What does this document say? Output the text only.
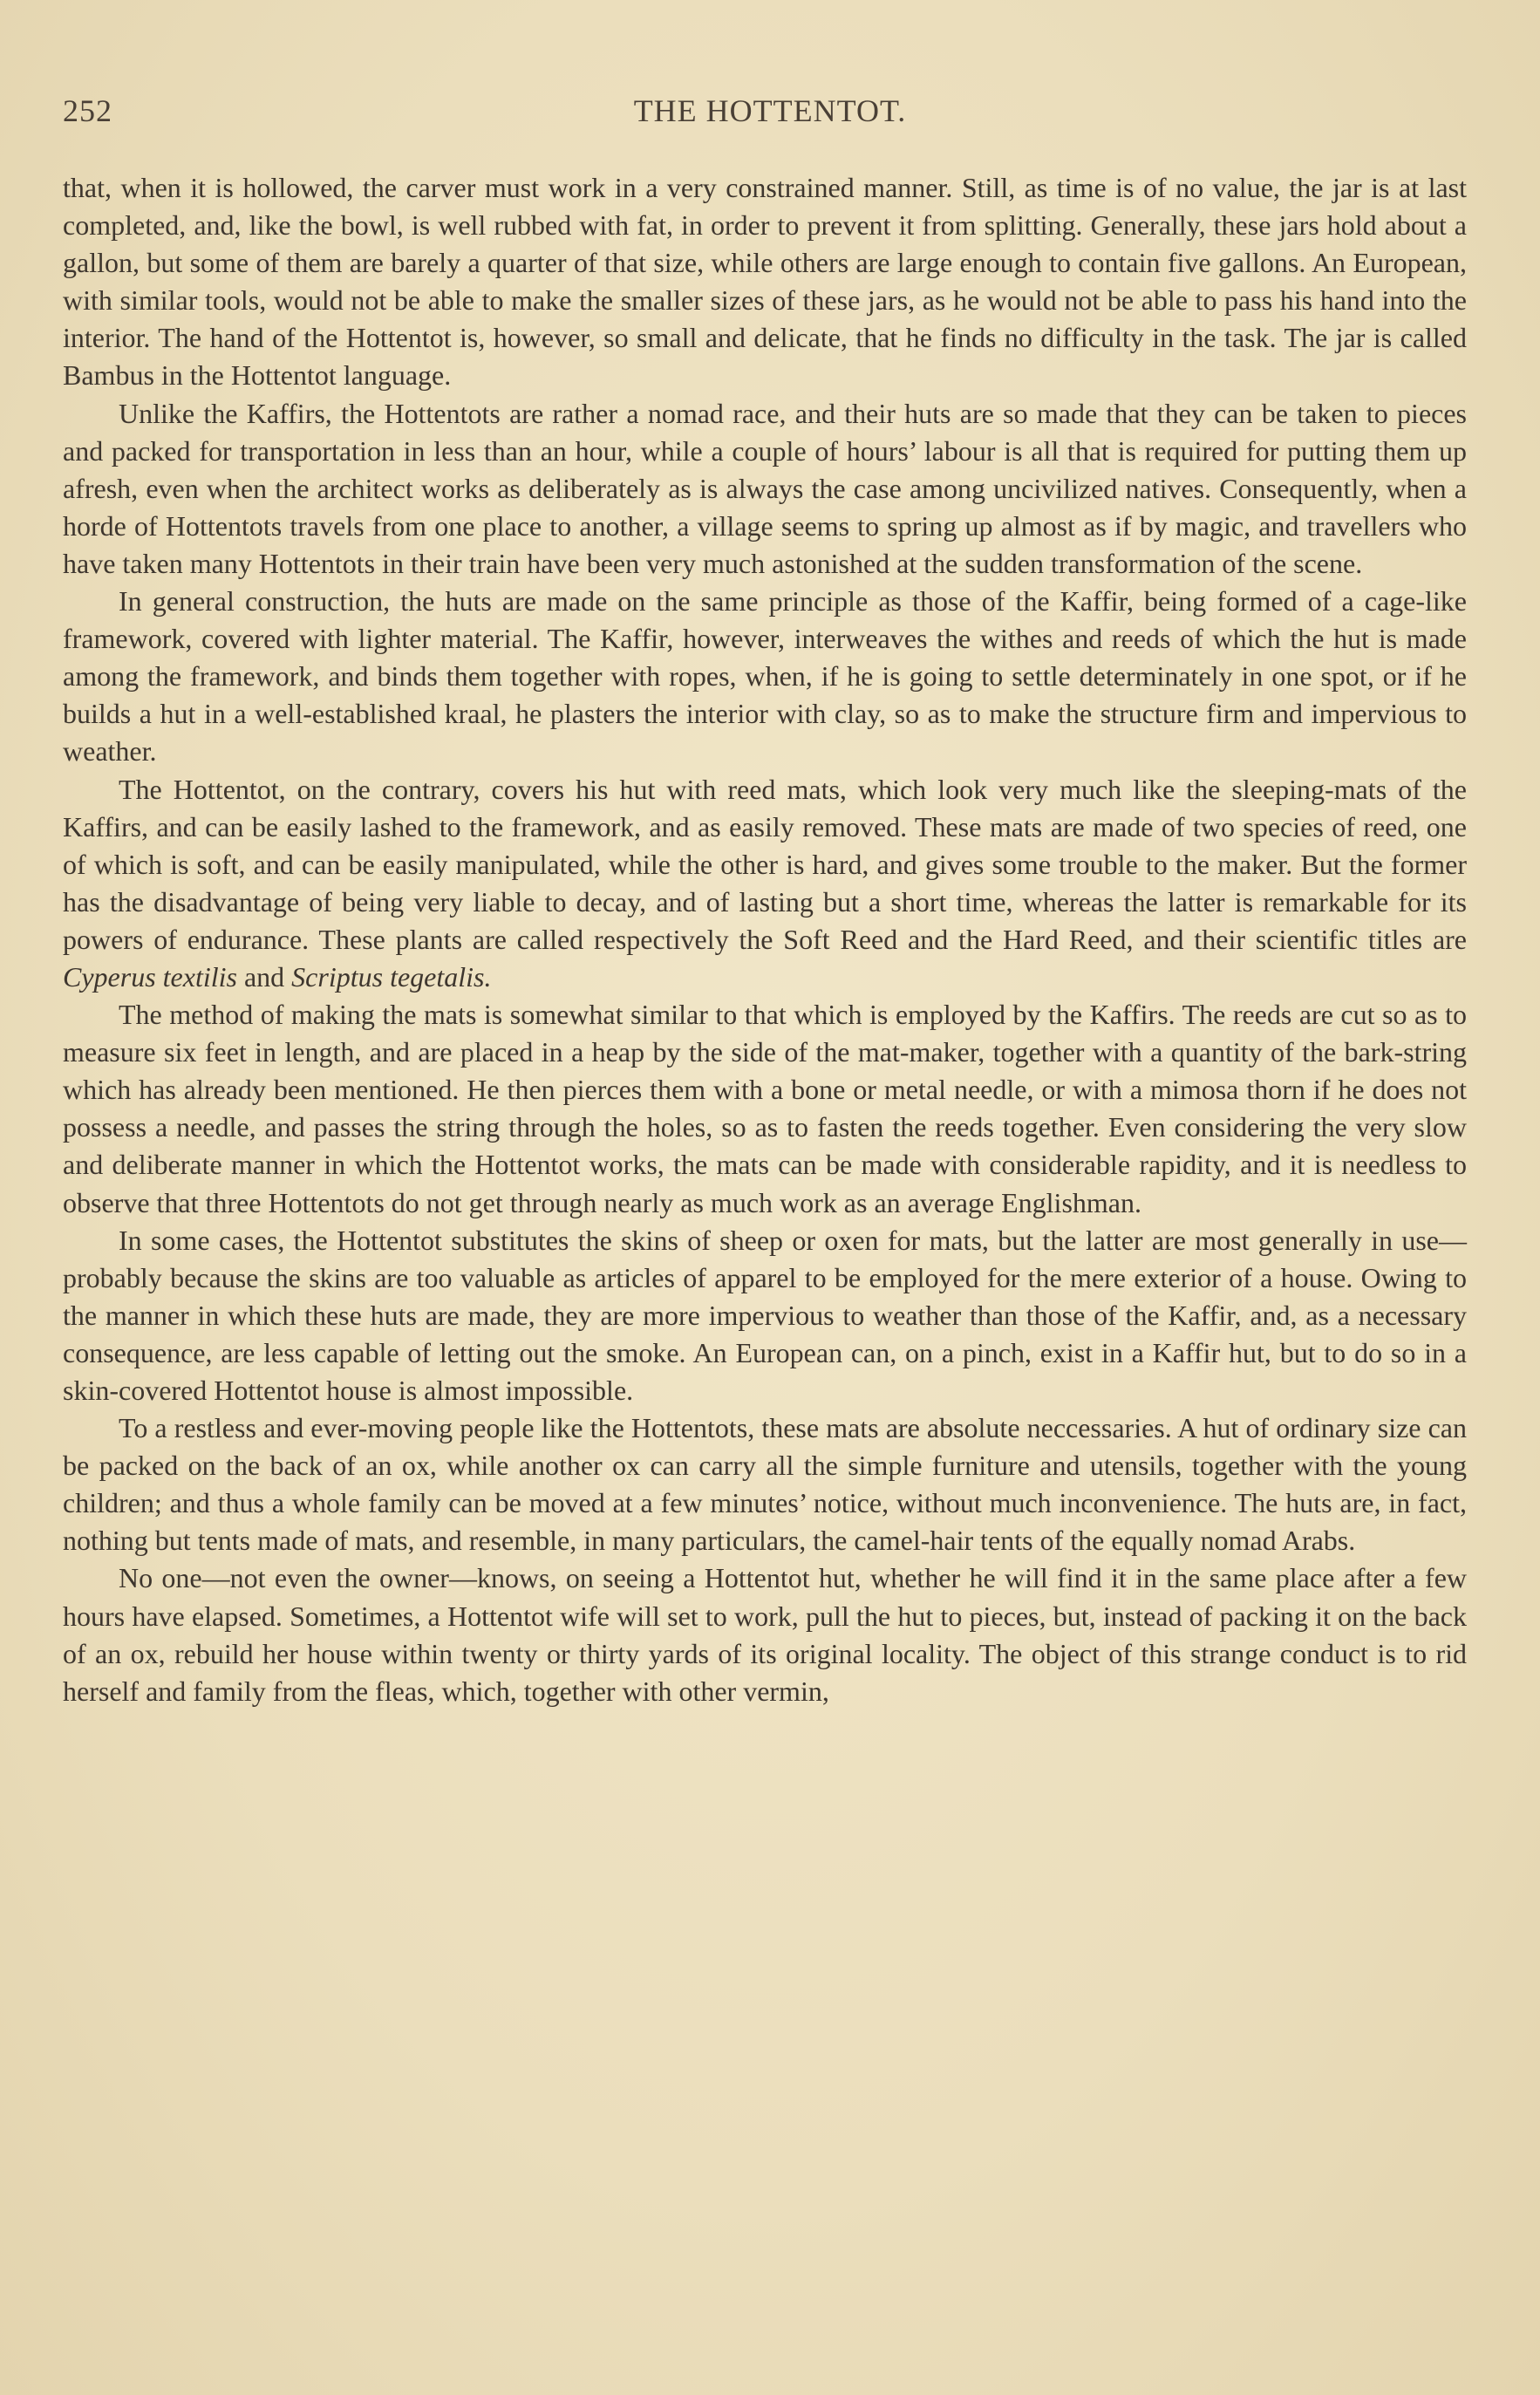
252	THE HOTTENTOT.

that, when it is hollowed, the carver must work in a very constrained manner. Still, as time is of no value, the jar is at last completed, and, like the bowl, is well rubbed with fat, in order to prevent it from splitting. Generally, these jars hold about a gallon, but some of them are barely a quarter of that size, while others are large enough to contain five gallons. An European, with similar tools, would not be able to make the smaller sizes of these jars, as he would not be able to pass his hand into the interior. The hand of the Hottentot is, however, so small and delicate, that he finds no difficulty in the task. The jar is called Bambus in the Hottentot language.

Unlike the Kaffirs, the Hottentots are rather a nomad race, and their huts are so made that they can be taken to pieces and packed for transportation in less than an hour, while a couple of hours’ labour is all that is required for putting them up afresh, even when the architect works as deliberately as is always the case among uncivilized natives. Consequently, when a horde of Hottentots travels from one place to another, a village seems to spring up almost as if by magic, and travellers who have taken many Hottentots in their train have been very much astonished at the sudden transformation of the scene.

In general construction, the huts are made on the same principle as those of the Kaffir, being formed of a cage-like framework, covered with lighter material. The Kaffir, however, interweaves the withes and reeds of which the hut is made among the framework, and binds them together with ropes, when, if he is going to settle determinately in one spot, or if he builds a hut in a well-established kraal, he plasters the interior with clay, so as to make the structure firm and impervious to weather.

The Hottentot, on the contrary, covers his hut with reed mats, which look very much like the sleeping-mats of the Kaffirs, and can be easily lashed to the framework, and as easily removed. These mats are made of two species of reed, one of which is soft, and can be easily manipulated, while the other is hard, and gives some trouble to the maker. But the former has the disadvantage of being very liable to decay, and of lasting but a short time, whereas the latter is remarkable for its powers of endurance. These plants are called respectively the Soft Reed and the Hard Reed, and their scientific titles are Cyperus textilis and Scriptus tegetalis.

The method of making the mats is somewhat similar to that which is employed by the Kaffirs. The reeds are cut so as to measure six feet in length, and are placed in a heap by the side of the mat-maker, together with a quantity of the bark-string which has already been mentioned. He then pierces them with a bone or metal needle, or with a mimosa thorn if he does not possess a needle, and passes the string through the holes, so as to fasten the reeds together. Even considering the very slow and deliberate manner in which the Hottentot works, the mats can be made with considerable rapidity, and it is needless to observe that three Hottentots do not get through nearly as much work as an average Englishman.

In some cases, the Hottentot substitutes the skins of sheep or oxen for mats, but the latter are most generally in use—probably because the skins are too valuable as articles of apparel to be employed for the mere exterior of a house. Owing to the manner in which these huts are made, they are more impervious to weather than those of the Kaffir, and, as a necessary consequence, are less capable of letting out the smoke. An European can, on a pinch, exist in a Kaffir hut, but to do so in a skin-covered Hottentot house is almost impossible.

To a restless and ever-moving people like the Hottentots, these mats are absolute neccessaries. A hut of ordinary size can be packed on the back of an ox, while another ox can carry all the simple furniture and utensils, together with the young children; and thus a whole family can be moved at a few minutes’ notice, without much inconvenience. The huts are, in fact, nothing but tents made of mats, and resemble, in many particulars, the camel-hair tents of the equally nomad Arabs.

No one—not even the owner—knows, on seeing a Hottentot hut, whether he will find it in the same place after a few hours have elapsed. Sometimes, a Hottentot wife will set to work, pull the hut to pieces, but, instead of packing it on the back of an ox, rebuild her house within twenty or thirty yards of its original locality. The object of this strange conduct is to rid herself and family from the fleas, which, together with other vermin,
